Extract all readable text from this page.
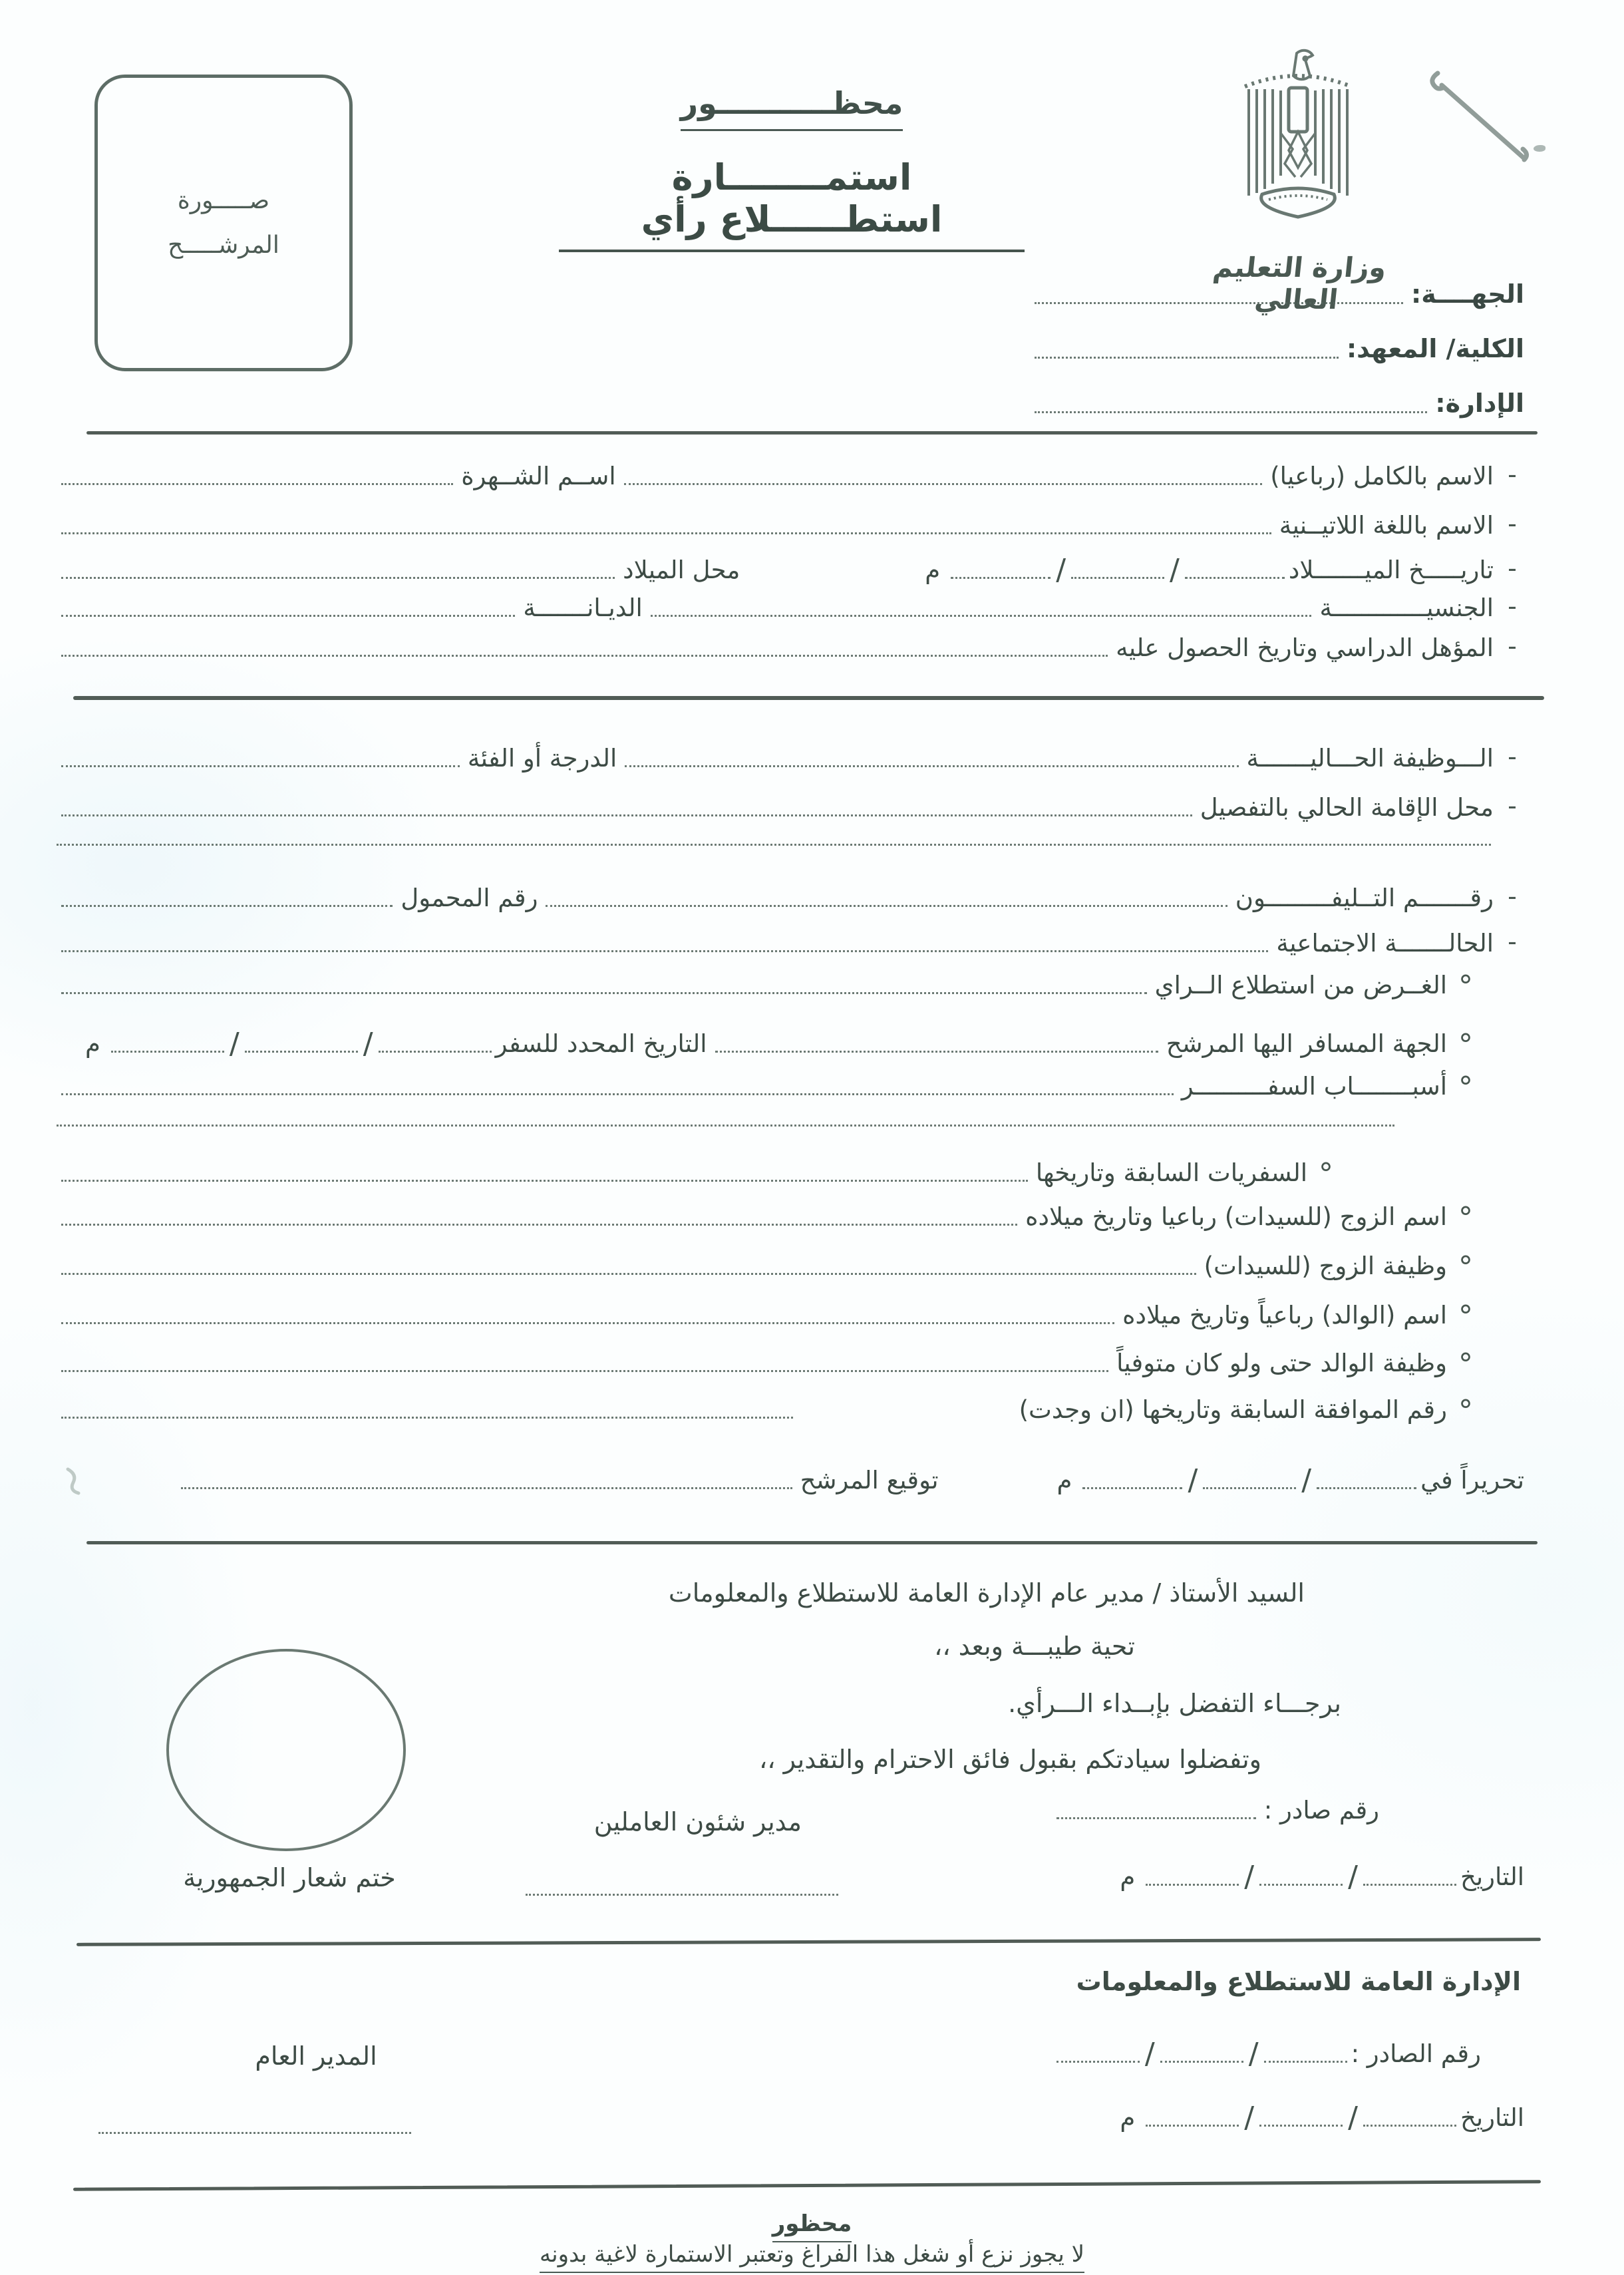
صـــــورة
المرشـــــح
محظـــــــــــور
استمــــــــارة استطــــــلاع رأي
وزارة التعليم العالي	الجهــــة:
الكلية/ المعهد:
الإدارة:
-
الاسم بالكامل (رباعيا)
اســم الشــهرة
-
الاسم باللغة اللاتيــنية
-
تاريـــــخ الميـــــــلاد
/
/
م
محل الميلاد
-
الجنسيـــــــــــــة
الديـانـــــــة
-
المؤهل الدراسي وتاريخ الحصول عليه
-
الـــوظيفة الحـــاليـــــــة
الدرجة أو الفئة
-
محل الإقامة الحالي بالتفصيل
-
رقـــــــم التــليفـــــــــون
رقم المحمول
-
الحالـــــــة الاجتماعية
°
الغــرض من استطلاع الــراي
°
الجهة المسافر اليها المرشح
التاريخ المحدد للسفر
/
/
م
°
أسبــــــــاب السفــــــــــر
°
السفريات السابقة وتاريخها
°
اسم الزوج (للسيدات) رباعيا وتاريخ ميلاده
°
وظيفة الزوج (للسيدات)
°
اسم (الوالد) رباعياً وتاريخ ميلاده
°
وظيفة الوالد حتى ولو كان متوفياً
°
رقم الموافقة السابقة وتاريخها (ان وجدت)
تحريراً في
/
/
م
توقيع المرشح
السيد الأستاذ / مدير عام الإدارة العامة للاستطلاع والمعلومات
تحية طيبـــة وبعد ،،
برجـــاء التفضل بإبــداء الـــرأي.
وتفضلوا سيادتكم بقبول فائق الاحترام والتقدير ،،
رقم صادر :
مدير شئون العاملين
التاريخ
/
/
م
ختم شعار الجمهورية
الإدارة العامة للاستطلاع والمعلومات
رقم الصادر :
/
/
المدير العام
التاريخ
/
/
م
محظور
لا يجوز نزع أو شغل هذا الفراغ وتعتبر الاستمارة لاغية بدونه
